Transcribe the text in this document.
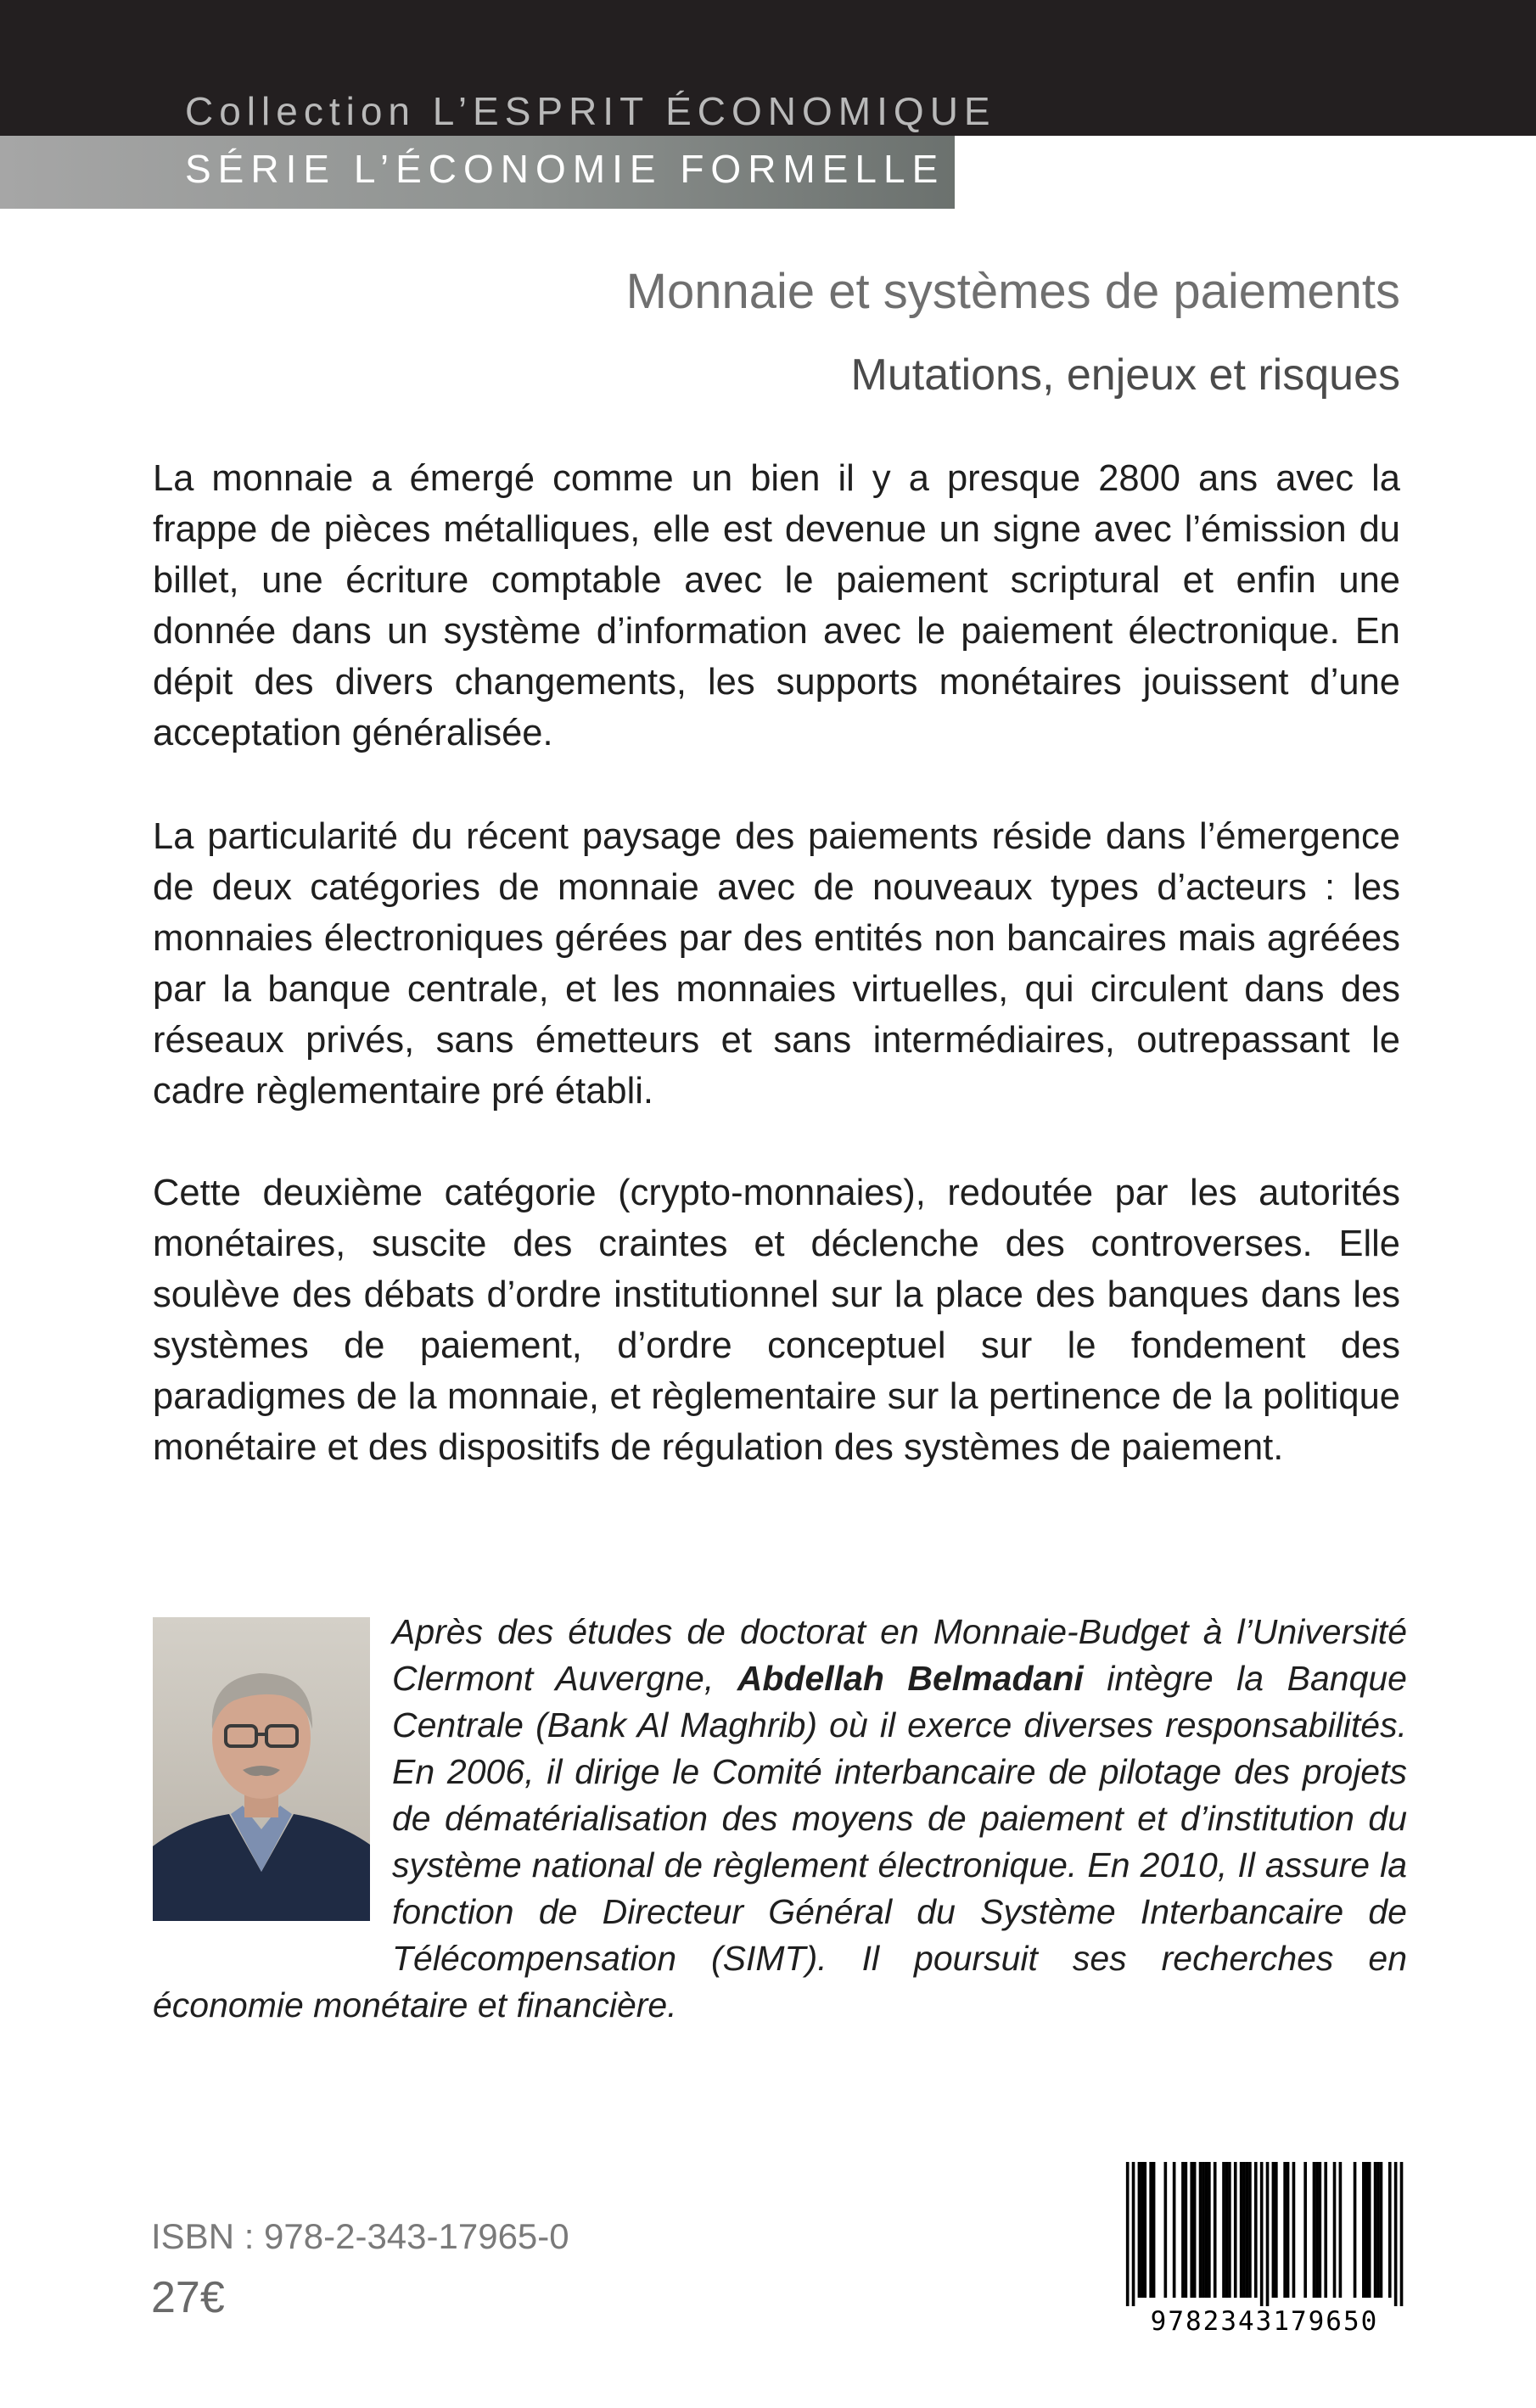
Collection L’ESPRIT ÉCONOMIQUE
SÉRIE L’ÉCONOMIE FORMELLE
Monnaie et systèmes de paiements
Mutations, enjeux et risques

La monnaie a émergé comme un bien il y a presque 2800 ans avec la frappe de pièces métalliques, elle est devenue un signe avec l’émission du billet, une écriture comptable avec le paiement scriptural et enfin une donnée dans un système d’information avec le paiement électronique. En dépit des divers changements, les supports monétaires jouissent d’une acceptation généralisée.

La particularité du récent paysage des paiements réside dans l’émergence de deux catégories de monnaie avec de nouveaux types d’acteurs : les monnaies électroniques gérées par des entités non bancaires mais agréées par la banque centrale, et les monnaies virtuelles, qui circulent dans des réseaux privés, sans émetteurs et sans intermédiaires, outrepassant le cadre règlementaire pré établi.

Cette deuxième catégorie (crypto-monnaies), redoutée par les autorités monétaires, suscite des craintes et déclenche des controverses. Elle soulève des débats d’ordre institutionnel sur la place des banques dans les systèmes de paiement, d’ordre conceptuel sur le fondement des paradigmes de la monnaie, et règlementaire sur la pertinence de la politique monétaire et des dispositifs de régulation des systèmes de paiement.

Après des études de doctorat en Monnaie-Budget à l’Université Clermont Auvergne, Abdellah Belmadani intègre la Banque Centrale (Bank Al Maghrib) où il exerce diverses responsabilités. En 2006, il dirige le Comité interbancaire de pilotage des projets de dématérialisation des moyens de paiement et d’institution du système national de règlement électronique. En 2010, Il assure la fonction de Directeur Général du Système Interbancaire de Télécompensation (SIMT). Il poursuit ses recherches en économie monétaire et financière.

ISBN : 978-2-343-17965-0
27€	9782343179650
